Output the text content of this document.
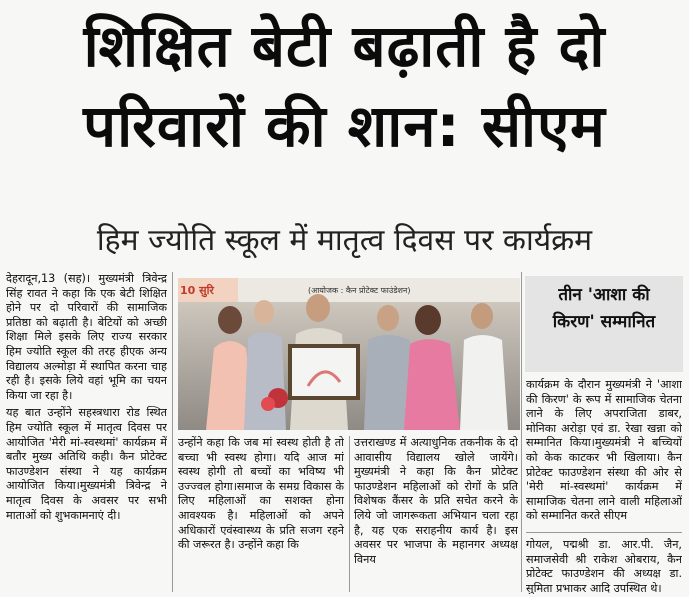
शिक्षित बेटी बढ़ाती है दो
परिवारों की शान: सीएम
हिम ज्योति स्कूल में मातृत्व दिवस पर कार्यक्रम

देहरादून,13 (सह)। मुख्यमंत्री त्रिवेन्द्र सिंह रावत ने कहा कि एक बेटी शिक्षित होने पर दो परिवारों की सामाजिक प्रतिष्ठा को बढ़ाती है। बेटियों को अच्छी शिक्षा मिले इसके लिए राज्य सरकार हिम ज्योति स्कूल की तरह हीएक अन्य विद्यालय अल्मोड़ा में स्थापित करना चाह रही है। इसके लिये वहां भूमि का चयन किया जा रहा है।

यह बात उन्होंने सहस्त्रधारा रोड स्थित हिम ज्योति स्कूल में मातृत्व दिवस पर आयोजित 'मेरी मां-स्वस्थमां' कार्यक्रम में बतौर मुख्य अतिथि कही। कैन प्रोटेक्ट फाउण्डेशन संस्था ने यह कार्यक्रम आयोजित किया।मुख्यमंत्री त्रिवेन्द्र ने मातृत्व दिवस के अवसर पर सभी माताओं को शुभकामनाएं दी।

10 सुरि	(आयोजक : कैन प्रोटेक्ट फाउंडेशन)
उन्होंने कहा कि जब मां स्वस्थ होती है तो बच्चा भी स्वस्थ होगा। यदि आज मां स्वस्थ होगी तो बच्चों का भविष्य भी उज्ज्वल होगा।समाज के समग्र विकास के लिए महिलाओं का सशक्त होना आवश्यक है। महिलाओं को अपने अधिकारों एवंस्वास्थ्य के प्रति सजग रहने की जरूरत है। उन्होंने कहा कि
उत्तराखण्ड में अत्याधुनिक तकनीक के दो आवासीय विद्यालय खोले जायेंगे। मुख्यमंत्री ने कहा कि कैन प्रोटेक्ट फाउण्डेशन महिलाओं को रोगों के प्रति विशेषक कैंसर के प्रति सचेत करने के लिये जो जागरूकता अभियान चला रहा है, यह एक सराहनीय कार्य है। इस अवसर पर भाजपा के महानगर अध्यक्ष विनय
तीन 'आशा की
किरण' सम्मानित
कार्यक्रम के दौरान मुख्यमंत्री ने 'आशा की किरण' के रूप में सामाजिक चेतना लाने के लिए अपराजिता डाबर, मोनिका अरोड़ा एवं डा. रेखा खन्ना को सम्मानित किया।मुख्यमंत्री ने बच्चियों को केक काटकर भी खिलाया। कैन प्रोटेक्ट फाउण्डेशन संस्था की ओर से 'मेरी मां-स्वस्थमां' कार्यक्रम में सामाजिक चेतना लाने वाली महिलाओं को सम्मानित करते सीएम
गोयल, पद्मश्री डा. आर.पी. जैन, समाजसेवी श्री राकेश ओबराय, कैन प्रोटेक्ट फाउण्डेशन की अध्यक्ष डा. सुमिता प्रभाकर आदि उपस्थित थे।
